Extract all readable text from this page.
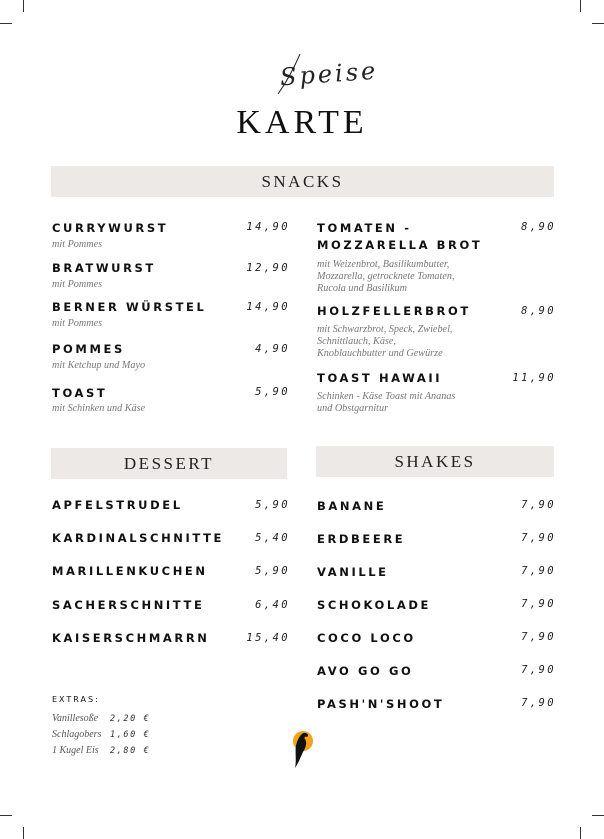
Speise
KARTE
SNACKS
CURRYWURST
mit Pommes
14,90
BRATWURST
mit Pommes
12,90
BERNER WÜRSTEL
mit Pommes
14,90
POMMES
mit Ketchup und Mayo
4,90
TOAST
mit Schinken und Käse
5,90
TOMATEN -
MOZZARELLA BROT
mit Weizenbrot, Basilikumbutter,
Mozzarella, getrocknete Tomaten,
Rucola und Basilikum
8,90
HOLZFELLERBROT
mit Schwarzbrot, Speck, Zwiebel,
Schnittlauch, Käse,
Knoblauchbutter und Gewürze
8,90
TOAST HAWAII
Schinken - Käse Toast mit Ananas
und Obstgarnitur
11,90
DESSERT
APFELSTRUDEL	5,90
KARDINALSCHNITTE	5,40
MARILLENKUCHEN	5,90
SACHERSCHNITTE	6,40
KAISERSCHMARRN	15,40
EXTRAS:
Vanillesoße 2,20 €
Schlagobers 1,60 €
1 Kugel Eis 2,80 €
SHAKES
BANANE	7,90
ERDBEERE	7,90
VANILLE	7,90
SCHOKOLADE	7,90
COCO LOCO	7,90
AVO GO GO	7,90
PASH'N'SHOOT	7,90
